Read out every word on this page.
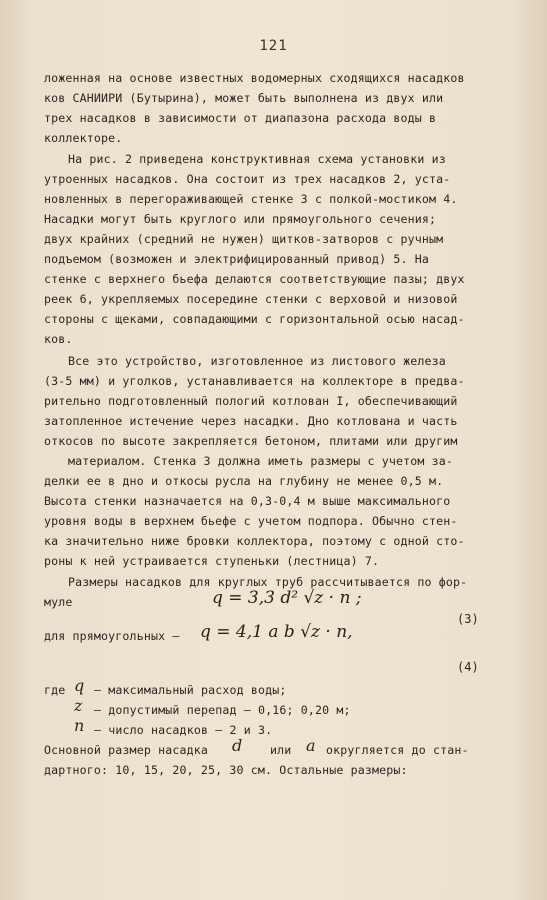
121
ложенная на основе известных водомерных сходящихся насадков
ков САНИИРИ (Бутырина), может быть выполнена из двух или
трех насадков в зависимости от диапазона расхода воды в
коллекторе.
На рис. 2 приведена конструктивная схема установки из
утроенных насадков. Она состоит из трех насадков 2, уста-
новленных в перегораживающей стенке 3 с полкой-мостиком 4.
Насадки могут быть круглого или прямоугольного сечения;
двух крайних (средний не нужен) щитков-затворов с ручным
подъемом (возможен и электрифицированный привод) 5. На
стенке с верхнего бьефа делаются соответствующие пазы; двух
реек 6, укрепляемых посередине стенки с верховой и низовой
стороны с щеками, совпадающими с горизонтальной осью насад-
ков.
Все это устройство, изготовленное из листового железа
(3-5 мм) и уголков, устанавливается на коллекторе в предва-
рительно подготовленный пологий котлован I, обеспечивающий
затопленное истечение через насадки. Дно котлована и часть
откосов по высоте закрепляется бетоном, плитами или другим
материалом. Стенка 3 должна иметь размеры с учетом за-
делки ее в дно и откосы русла на глубину не менее 0,5 м.
Высота стенки назначается на 0,3-0,4 м выше максимального
уровня воды в верхнем бьефе с учетом подпора. Обычно стен-
ка значительно ниже бровки коллектора, поэтому с одной сто-
роны к ней устраивается ступеньки (лестница) 7.
Размеры насадков для круглых труб рассчитывается по фор-
муле	q = 3,3 d² √z · n ;
(3)
для прямоугольных – q = 4,1 a b √z · n,
(4)
где q – максимальный расход воды;
z – допустимый перепад – 0,16; 0,20 м;
n – число насадков – 2 и 3.
Основной размер насадка d или a округляется до стан-
дартного: 10, 15, 20, 25, 30 см. Остальные размеры:
